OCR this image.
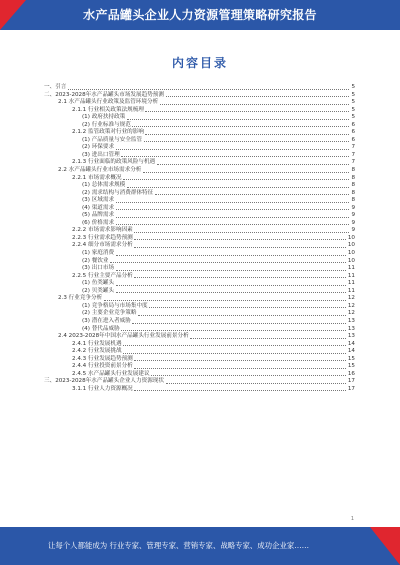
水产品罐头企业人力资源管理策略研究报告
内容目录
一、引言	5
二、2023-2028年水产品罐头市场发展趋势预测	5
2.1 水产品罐头行业政策及监管环境分析	5
2.1.1 行业相关政策法规梳理	5
(1) 政府扶持政策	5
(2) 行业标准与规范	6
2.1.2 监管政策对行业的影响	6
(1) 产品质量与安全监管	6
(2) 环保要求	7
(3) 进出口管理	7
2.1.3 行业面临的政策风险与机遇	7
2.2 水产品罐头行业市场需求分析	8
2.2.1 市场需求概况	8
(1) 总体需求规模	8
(2) 需求结构与消费群体特征	8
(3) 区域需求	8
(4) 渠道需求	9
(5) 品牌需求	9
(6) 价格需求	9
2.2.2 市场需求影响因素	9
2.2.3 行业需求趋势预测	10
2.2.4 细分市场需求分析	10
(1) 家庭消费	10
(2) 餐饮业	10
(3) 出口市场	11
2.2.5 行业主要产品分析	11
(1) 鱼类罐头	11
(2) 贝类罐头	11
2.3 行业竞争分析	12
(1) 竞争格局与市场集中度	12
(2) 主要企业竞争策略	12
(3) 潜在进入者威胁	13
(4) 替代品威胁	13
2.4 2023-2028年中国水产品罐头行业发展前景分析	13
2.4.1 行业发展机遇	14
2.4.2 行业发展挑战	14
2.4.3 行业发展趋势预测	15
2.4.4 行业投资前景分析	15
2.4.5 水产品罐头行业发展建议	16
三、2023-2028年水产品罐头企业人力资源现状	17
3.1.1 行业人力资源概况	17
1
让每个人都能成为 行业专家、管理专家、营销专家、战略专家、成功企业家……
